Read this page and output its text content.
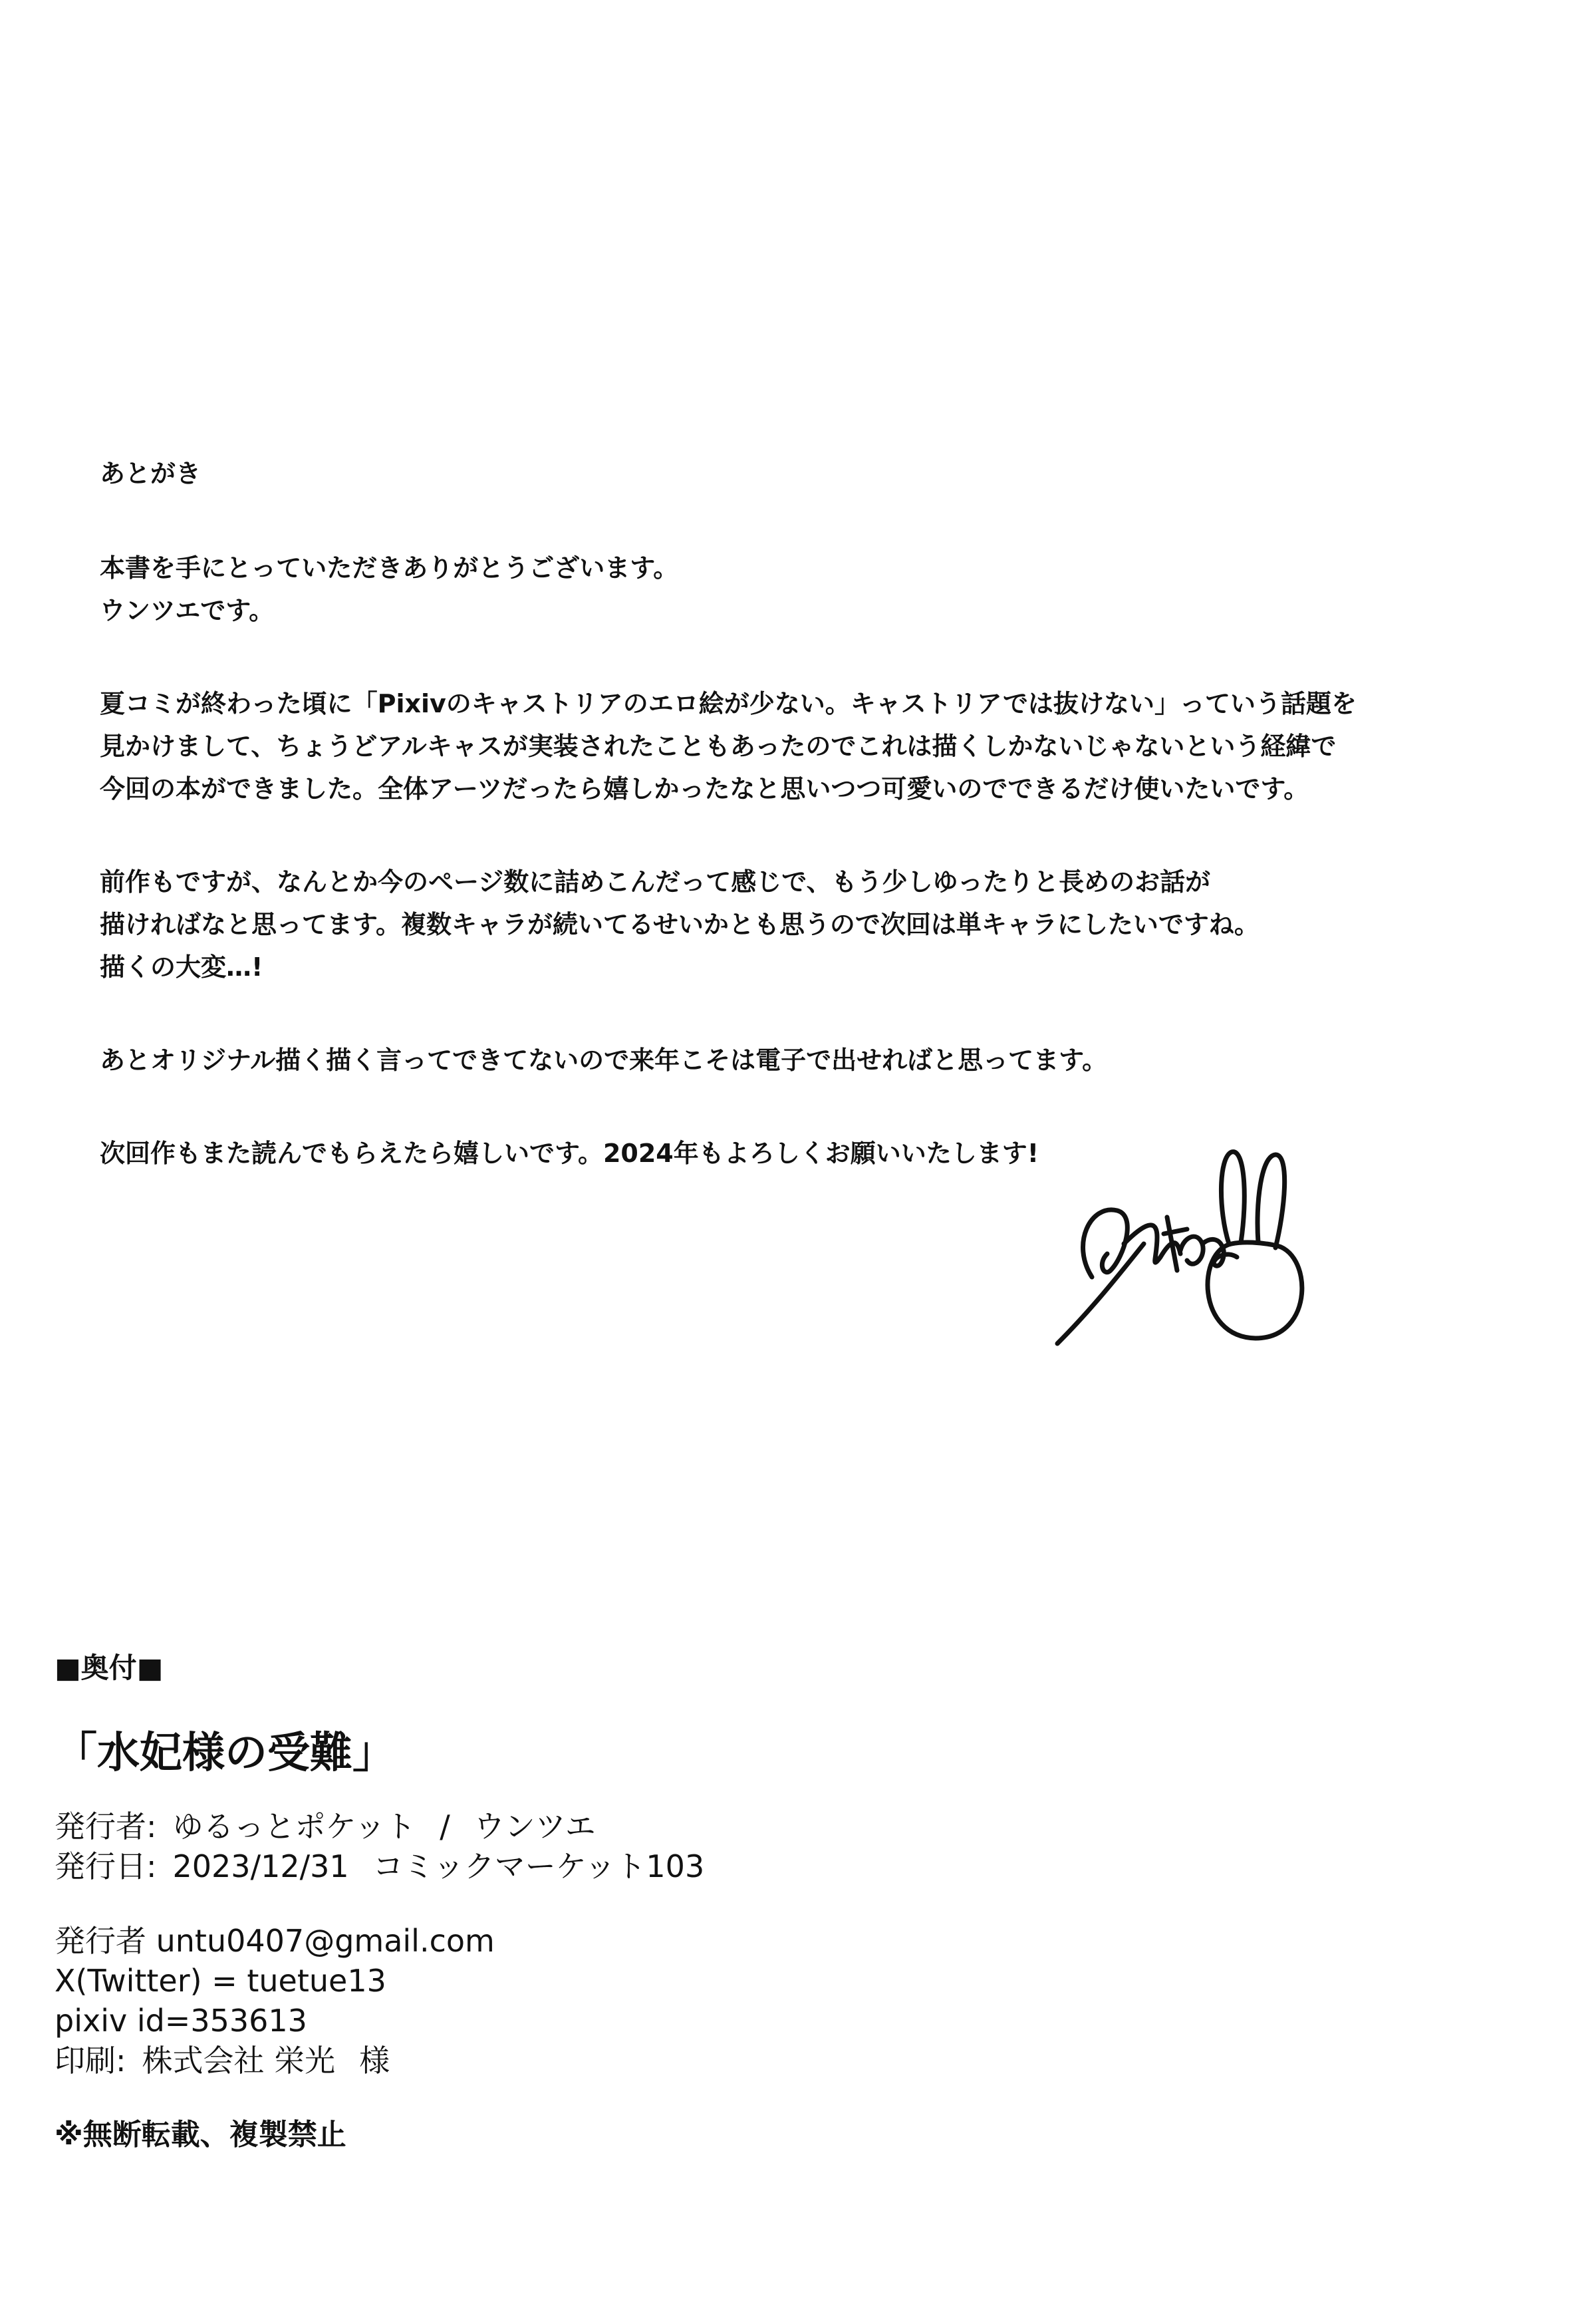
あとがき
本書を手にとっていただきありがとうございます。
ウンツエです。
夏コミが終わった頃に「Pixivのキャストリアのエロ絵が少ない。キャストリアでは抜けない」っていう話題を
見かけまして、ちょうどアルキャスが実装されたこともあったのでこれは描くしかないじゃないという経緯で
今回の本ができました。全体アーツだったら嬉しかったなと思いつつ可愛いのでできるだけ使いたいです。
前作もですが、なんとか今のページ数に詰めこんだって感じで、もう少しゆったりと長めのお話が
描ければなと思ってます。複数キャラが続いてるせいかとも思うので次回は単キャラにしたいですね。
描くの大変…!
あとオリジナル描く描く言ってできてないので来年こそは電子で出せればと思ってます。
次回作もまた読んでもらえたら嬉しいです。2024年もよろしくお願いいたします!
■奥付■
「水妃様の受難」
発行者: ゆるっとポケット / ウンツエ
発行日: 2023/12/31 コミックマーケット103
発行者 untu0407@gmail.com
X(Twitter) = tuetue13
pixiv id=353613
印刷: 株式会社 栄光 様
※無断転載、複製禁止
